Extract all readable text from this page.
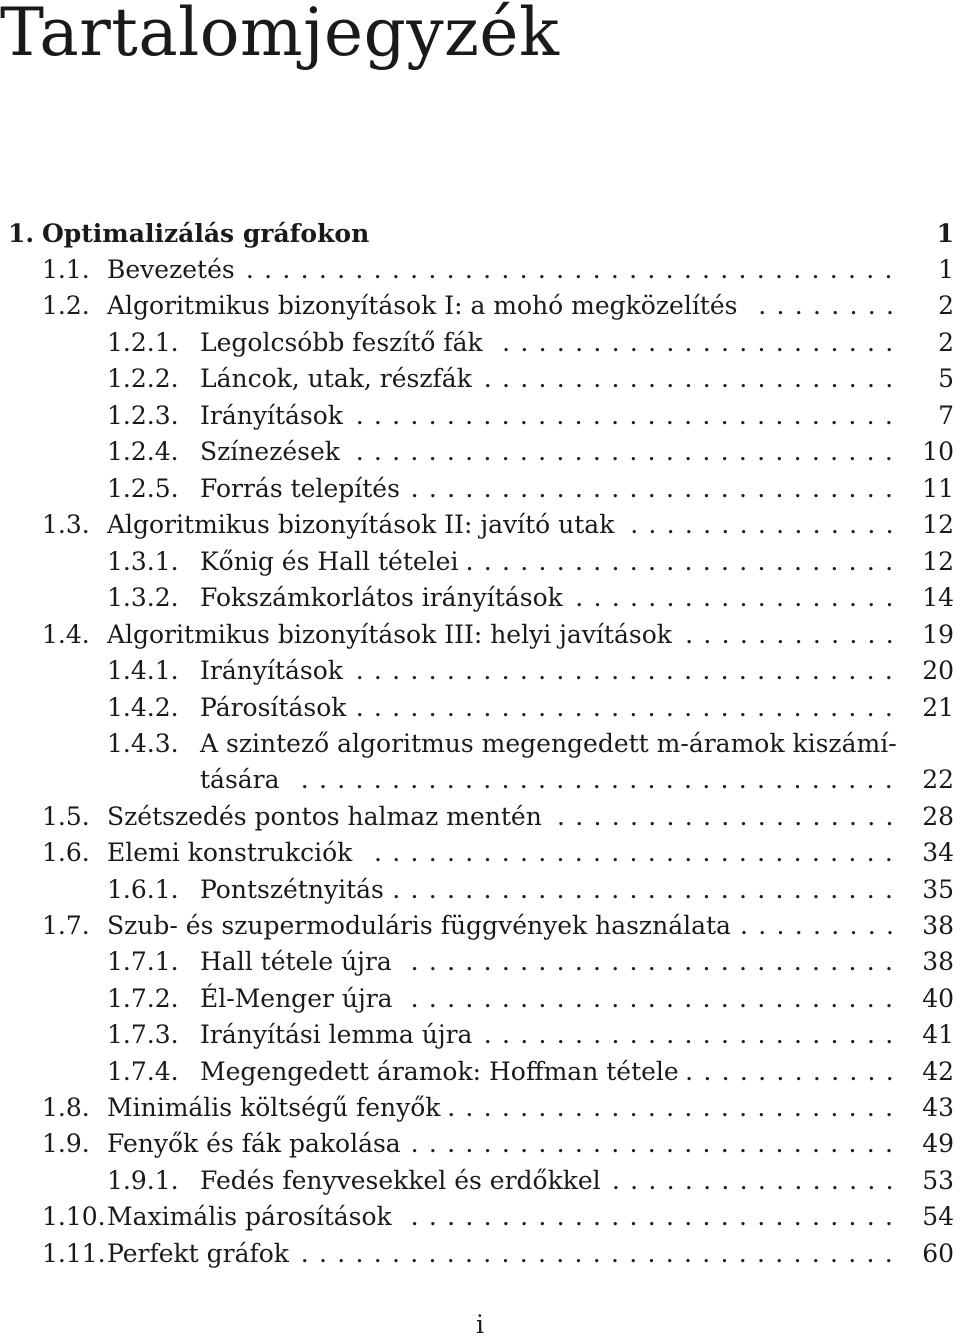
Tartalomjegyzék
1. Optimalizálás gráfokon	1
1.1. Bevezetés	1
....................................
1.2. Algoritmikus bizonyítások I: a mohó megközelítés	2
........
1.2.1. Legolcsóbb feszítő fák	2
......................
1.2.2. Láncok, utak, részfák	5
.......................
1.2.3. Irányítások	7
..............................
1.2.4. Színezések	10
..............................
1.2.5. Forrás telepítés	11
...........................
1.3. Algoritmikus bizonyítások II: javító utak	12
...............
1.3.1. Kőnig és Hall tételei	12
........................
1.3.2. Fokszámkorlátos irányítások	14
..................
1.4. Algoritmikus bizonyítások III: helyi javítások	19
............
1.4.1. Irányítások	20
..............................
1.4.2. Párosítások	21
..............................
1.4.3. A szintező algoritmus megengedett m-áramok kiszámí-
tására	22
.................................
1.5. Szétszedés pontos halmaz mentén	28
...................
1.6. Elemi konstrukciók	34
.............................
1.6.1. Pontszétnyitás	35
............................
1.7. Szub- és szupermoduláris függvények használata	38
.........
1.7.1. Hall tétele újra	38
...........................
1.7.2. Él-Menger újra	40
...........................
1.7.3. Irányítási lemma újra	41
.......................
1.7.4. Megengedett áramok: Hoffman tétele	42
............
1.8. Minimális költségű fenyők	43
.........................
1.9. Fenyők és fák pakolása	49
...........................
1.9.1. Fedés fenyvesekkel és erdőkkel	53
................
1.10. Maximális párosítások	54
...........................
1.11. Perfekt gráfok	60
.................................
i
